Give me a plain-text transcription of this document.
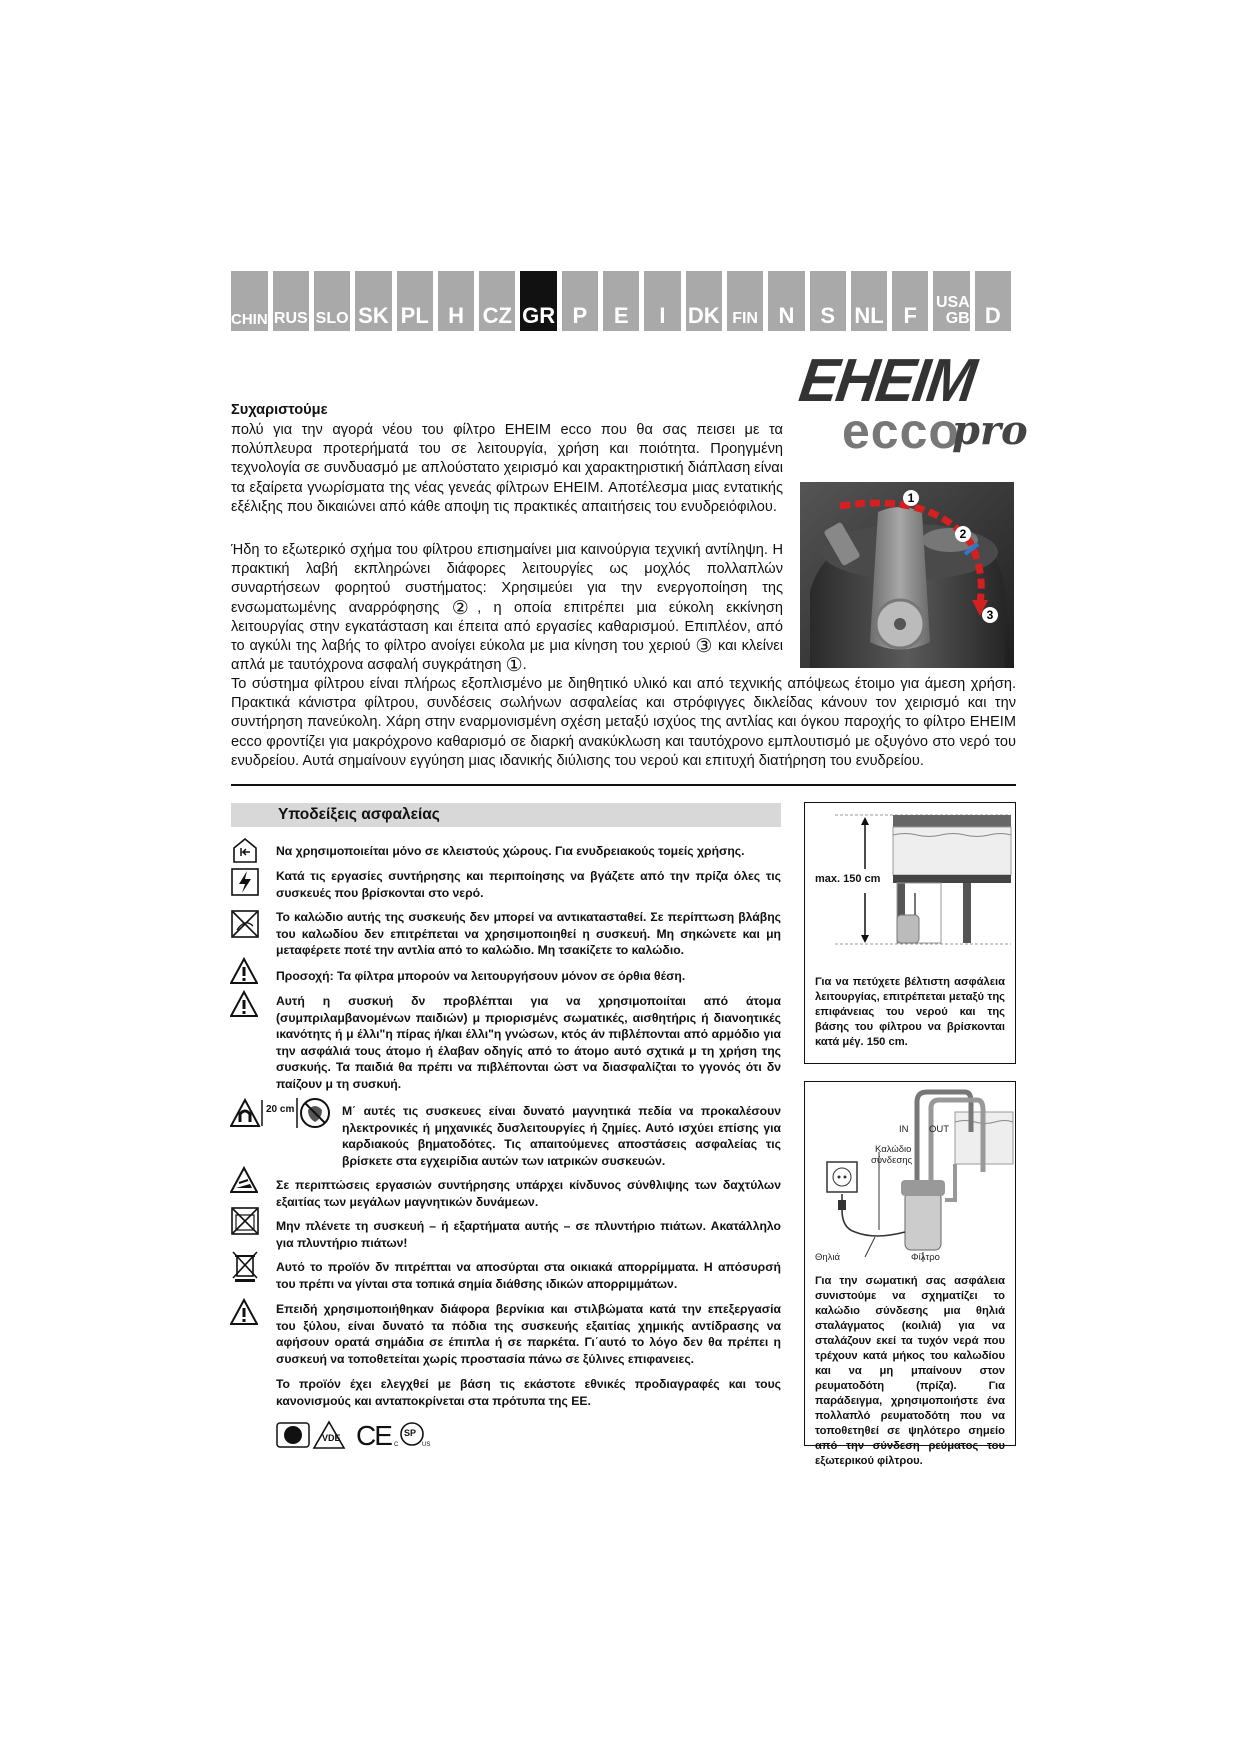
CHIN RUS SLO SK PL H CZ GR P	E	I	DK FIN N	S NL F
USA
GB D
EHEIM
ecco
pro
Συχαριστούμε
πολύ για την αγορά νέου του φίλτρο EHEIM ecco που θα σας πεισει με τα πολύπλευρα προτερήματά του σε λειτουργία, χρήση και ποιότητα. Προηγμένη τεχνολογία σε συνδυασμό με απλούστατο χειρισμό και χαρακτηριστική διάπλαση είναι τα εξαίρετα γνωρίσματα της νέας γενεάς φίλτρων EHEIM. Αποτέλεσμα μιας εντατικής εξέλιξης που δικαιώνει από κάθε αποψη τις πρακτικές απαιτήσεις του ενυδρειόφιλου.
Ήδη το εξωτερικό σχήμα του φίλτρου επισημαίνει μια καινούργια τεχνική αντίληψη. Η πρακτική λαβή εκπληρώνει διάφορες λειτουργίες ως μοχλός πολλαπλών συναρτήσεων φορητού συστήματος: Χρησιμεύει για την ενεργοποίηση της ενσωματωμένης αναρρόφησης ②, η οποία επιτρέπει μια εύκολη εκκίνηση λειτουργίας στην εγκατάσταση και έπειτα από εργασίες καθαρισμού. Επιπλέον, από το αγκύλι της λαβής το φίλτρο ανοίγει εύκολα με μια κίνηση του χεριού ③ και κλείνει απλά με ταυτόχρονα ασφαλή συγκράτηση ①.
1
2
3
Το σύστημα φίλτρου είναι πλήρως εξοπλισμένο με διηθητικό υλικό και από τεχνικής απόψεως έτοιμο για άμεση χρήση. Πρακτικά κάνιστρα φίλτρου, συνδέσεις σωλήνων ασφαλείας και στρόφιγγες δικλείδας κάνουν τον χειρισμό και την συντήρηση πανεύκολη. Χάρη στην εναρμονισμένη σχέση μεταξύ ισχύος της αντλίας και όγκου παροχής το φίλτρο EHEIM ecco φροντίζει για μακρόχρονο καθαρισμό σε διαρκή ανακύκλωση και ταυτόχρονο εμπλουτισμό με οξυγόνο στο νερό του ενυδρείου. Αυτά σημαίνουν εγγύηση μιας ιδανικής διύλισης του νερού και επιτυχή διατήρηση του ενυδρείου.
Υποδείξεις ασφαλείας
20 cm
Να χρησιμοποιείται μόνο σε κλειστούς χώρους. Για ενυδρειακούς τομείς χρήσης.
Κατά τις εργασίες συντήρησης και περιποίησης να βγάζετε από την πρίζα όλες τις συσκευές που βρίσκονται στο νερό.
Το καλώδιο αυτής της συσκευής δεν μπορεί να αντικατασταθεί. Σε περίπτωση βλάβης του καλωδίου δεν επιτρέπεται να χρησιμοποιηθεί η συσκευή. Μη σηκώνετε και μη μεταφέρετε ποτέ την αντλία από το καλώδιο. Μη τσακίζετε το καλώδιο.
Προσοχή: Τα φίλτρα μπορούν να λειτουργήσουν μόνον σε όρθια θέση.
Αυτή η συσκυή δν προβλέπται για να χρησιμοποιίται από άτομα (συμπριλαμβανομένων παιδιών) μ πριορισμένς σωματικές, αισθητήρις ή διανοητικές ικανότητς ή μ έλλι"η πίρας ή/και έλλι"η γνώσων, κτός άν πιβλέπονται από αρμόδιο για την ασφάλιά τους άτομο ή έλαβαν οδηγίς από το άτομο αυτό σχτικά μ τη χρήση της συσκυής. Τα παιδιά θα πρέπι να πιβλέπονται ώστ να διασφαλίζται το γγονός ότι δν παίζουν μ τη συσκυή.
Μ΄ αυτές τις συσκευες είναι δυνατό μαγνητικά πεδία να προκαλέσουν ηλεκτρονικές ή μηχανικές δυσλειτουργίες ή ζημίες. Αυτό ισχύει επίσης για καρδιακούς βηματοδότες. Τις απαιτούμενες αποστάσεις ασφαλείας τις βρίσκετε στα εγχειρίδια αυτών των ιατρικών συσκευών.
Σε περιπτώσεις εργασιών συντήρησης υπάρχει κίνδυνος σύνθλιψης των δαχτύλων εξαιτίας των μεγάλων μαγνητικών δυνάμεων.
Μην πλένετε τη συσκευή – ή εξαρτήματα αυτής – σε πλυντήριο πιάτων. Ακατάλληλο για πλυντήριο πιάτων!
Αυτό το προϊόν δν πιτρέπται να αποσύρται στα οικιακά απορρίμματα. Η απόσυρσή του πρέπι να γίνται στα τοπικά σημία διάθσης ιδικών απορριμμάτων.
Επειδή χρησιμοποιήθηκαν διάφορα βερνίκια και στιλβώματα κατά την επεξεργασία του ξύλου, είναι δυνατό τα πόδια της συσκευής εξαιτίας χημικής αντίδρασης να αφήσουν ορατά σημάδια σε έπιπλα ή σε παρκέτα. Γι΄αυτό το λόγο δεν θα πρέπει η συσκευή να τοποθετείται χωρίς προστασία πάνω σε ξύλινες επιφανειες.
Το προϊόν έχει ελεγχθεί με βάση τις εκάστοτε εθνικές προδιαγραφές και τους κανονισμούς και ανταποκρίνεται στα πρότυπα της ΕΕ.
VDE CE SP
C	US
max. 150 cm
Για να πετύχετε βέλτιστη ασφάλεια λειτουργίας, επιτρέπεται μεταξύ της επιφάνειας του νερού και της βάσης του φίλτρου να βρίσκονται κατά μέγ. 150 cm.
IN OUT
Καλώδιο
σύνδεσης
Θηλιά	Φίλτρο
Για την σωματική σας ασφάλεια συνιστούμε να σχηματίζει το καλώδιο σύνδεσης μια θηλιά σταλάγματος (κοιλιά) για να σταλάζουν εκεί τα τυχόν νερά που τρέχουν κατά μήκος του καλωδίου και να μη μπαίνουν στον ρευματοδότη (πρίζα). Για παράδειγμα, χρησιμοποιήστε ένα πολλαπλό ρευματοδότη που να τοποθετηθεί σε ψηλότερο σημείο από την σύνδεση ρεύματος του εξωτερικού φίλτρου.
